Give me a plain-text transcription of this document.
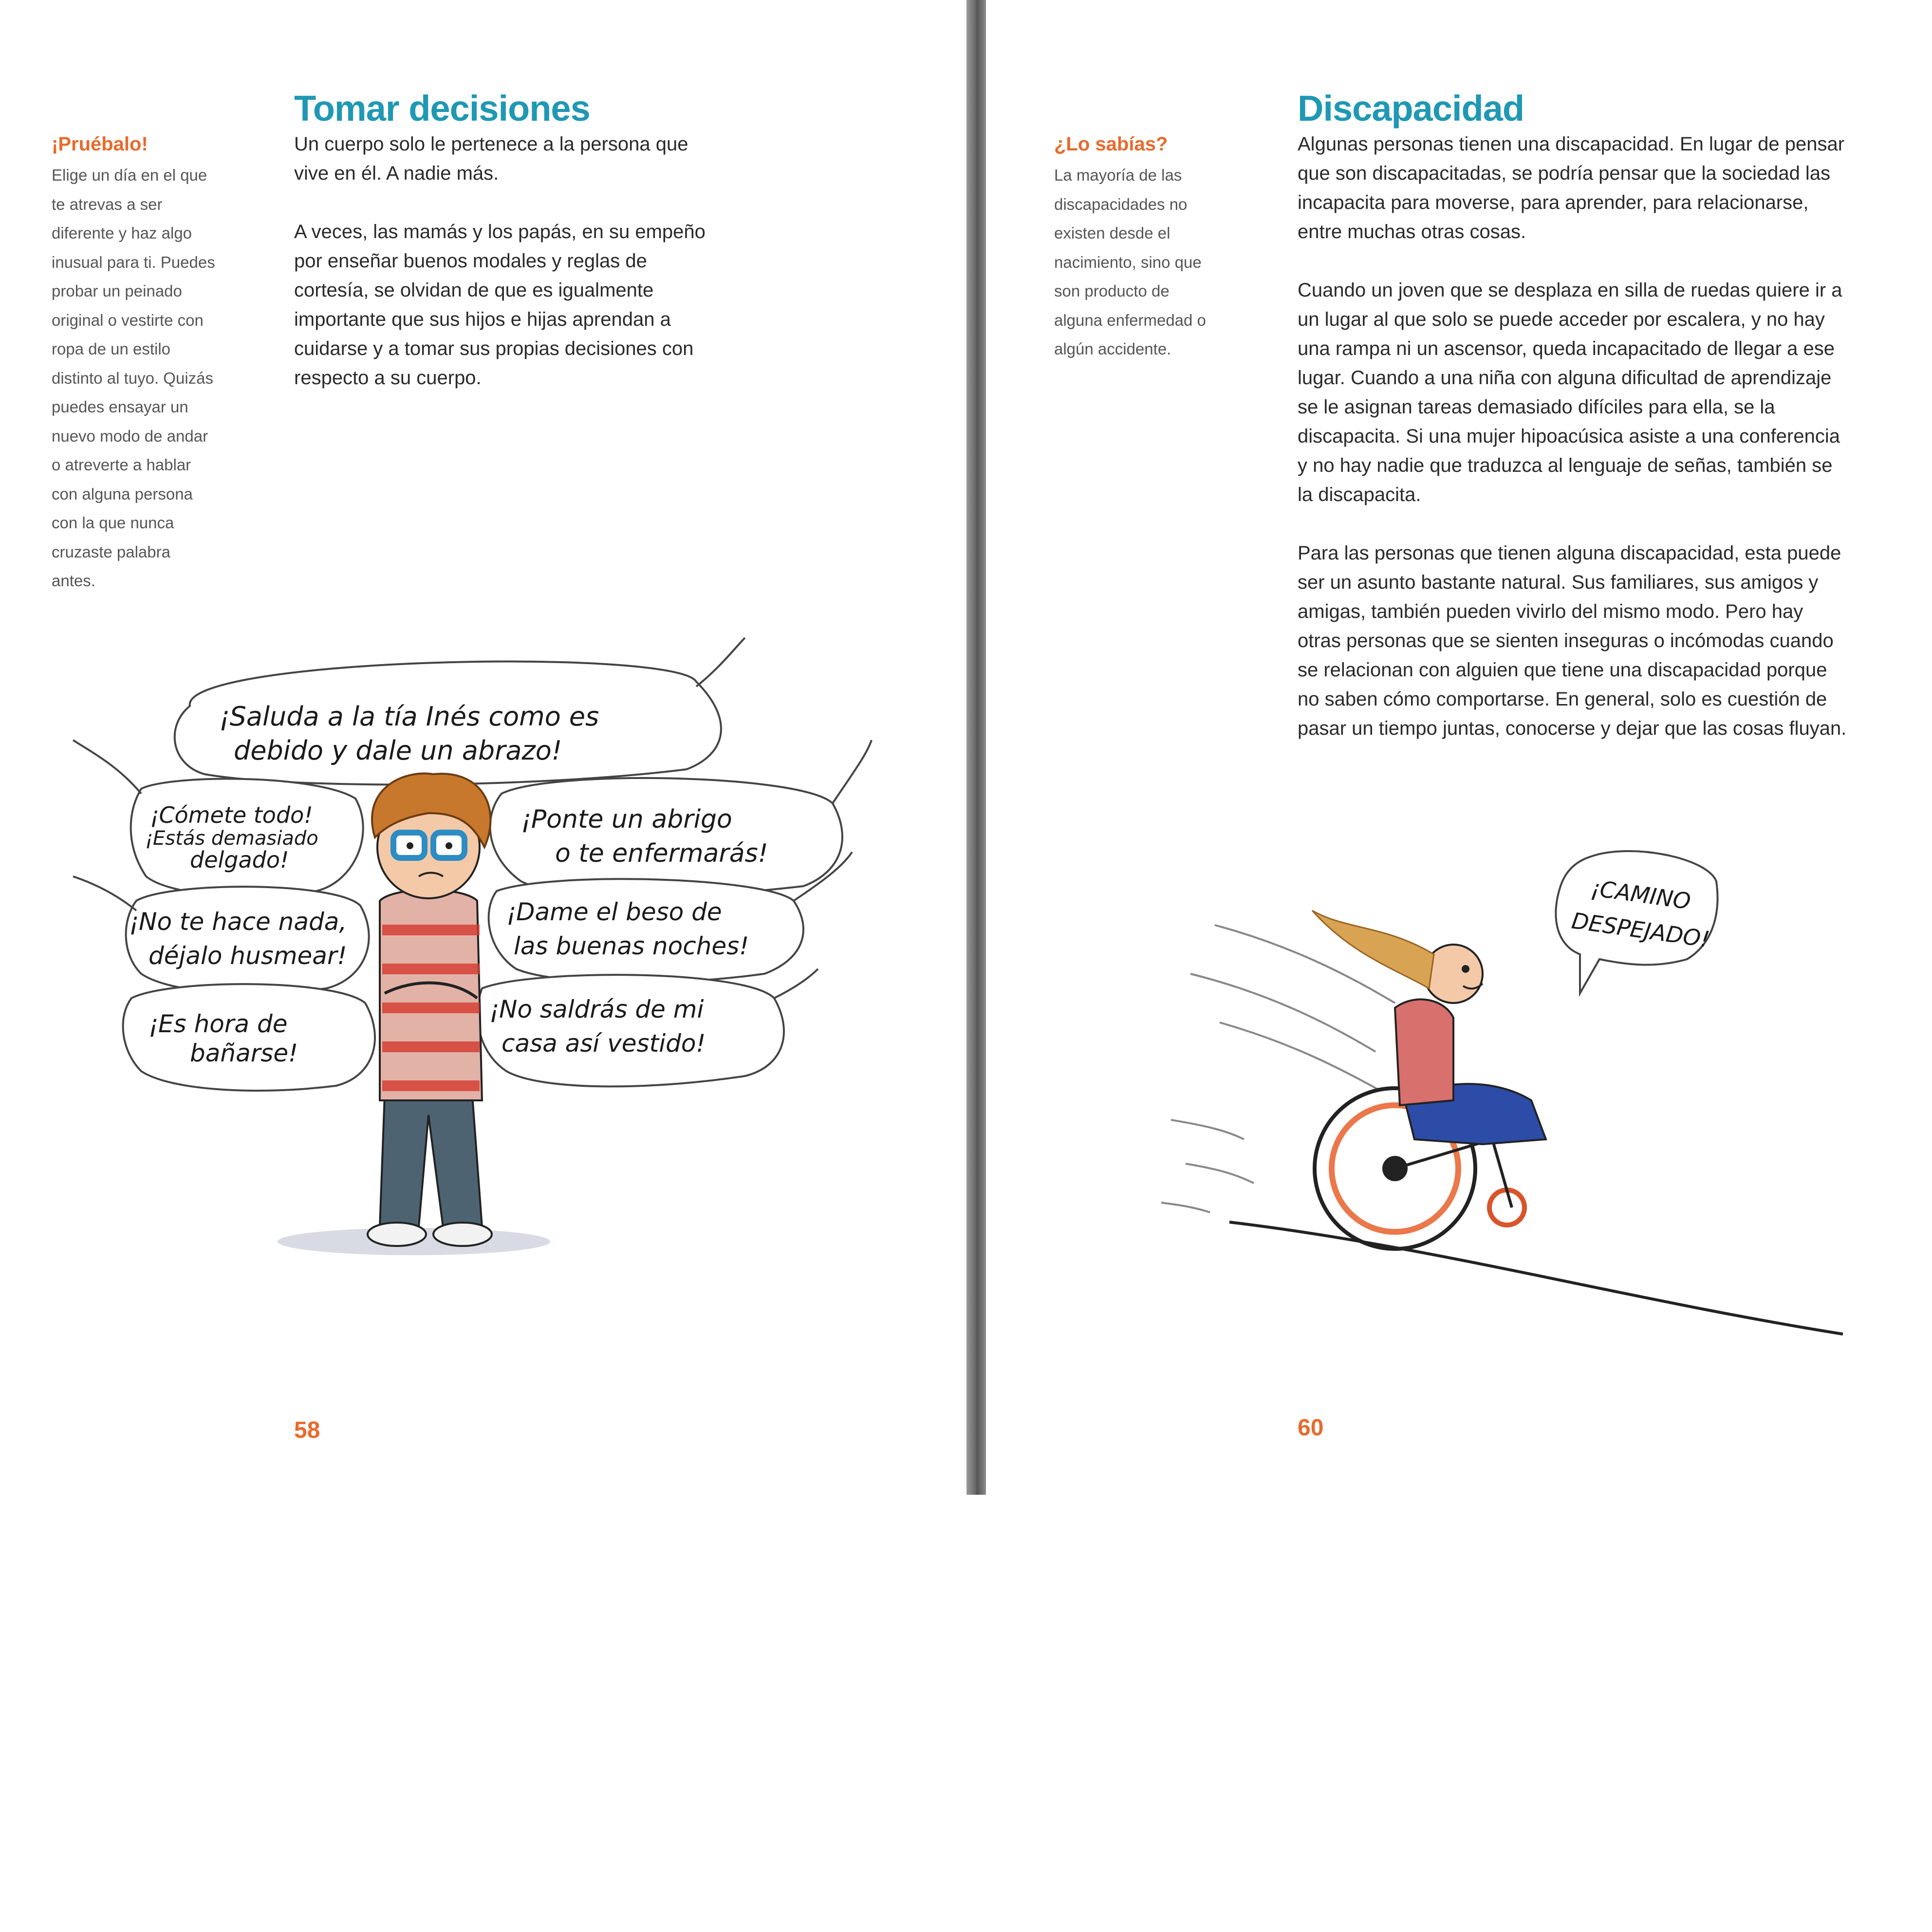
Tomar decisiones

Un cuerpo solo le pertenece a la persona que vive en él. A nadie más.

A veces, las mamás y los papás, en su empeño por enseñar buenos modales y reglas de cortesía, se olvidan de que es igualmente importante que sus hijos e hijas aprendan a cuidarse y a tomar sus propias decisiones con respecto a su cuerpo.

¡Pruébalo!
Elige un día en el que te atrevas a ser diferente y haz algo inusual para ti. Puedes probar un peinado original o vestirte con ropa de un estilo distinto al tuyo. Quizás puedes ensayar un nuevo modo de andar o atreverte a hablar con alguna persona con la que nunca cruzaste palabra antes.
¡Saluda a la tía Inés como es
debido y dale un abrazo!
¡Cómete todo!
¡Estás demasiado
delgado!
¡Ponte un abrigo
o te enfermarás!
¡No te hace nada,
déjalo husmear!
¡Dame el beso de
las buenas noches!
¡Es hora de
bañarse!
¡No saldrás de mi
casa así vestido!
58
Discapacidad

Algunas personas tienen una discapacidad. En lugar de pensar que son discapacitadas, se podría pensar que la sociedad las incapacita para moverse, para aprender, para relacionarse, entre muchas otras cosas.

Cuando un joven que se desplaza en silla de ruedas quiere ir a un lugar al que solo se puede acceder por escalera, y no hay una rampa ni un ascensor, queda incapacitado de llegar a ese lugar. Cuando a una niña con alguna dificultad de aprendizaje se le asignan tareas demasiado difíciles para ella, se la discapacita. Si una mujer hipoacúsica asiste a una conferencia y no hay nadie que traduzca al lenguaje de señas, también se la discapacita.

Para las personas que tienen alguna discapacidad, esta puede ser un asunto bastante natural. Sus familiares, sus amigos y amigas, también pueden vivirlo del mismo modo. Pero hay otras personas que se sienten inseguras o incómodas cuando se relacionan con alguien que tiene una discapacidad porque no saben cómo comportarse. En general, solo es cuestión de pasar un tiempo juntas, conocerse y dejar que las cosas fluyan.

¿Lo sabías?
La mayoría de las discapacidades no existen desde el nacimiento, sino que son producto de alguna enfermedad o algún accidente.
¡CAMINO
DESPEJADO!
60
